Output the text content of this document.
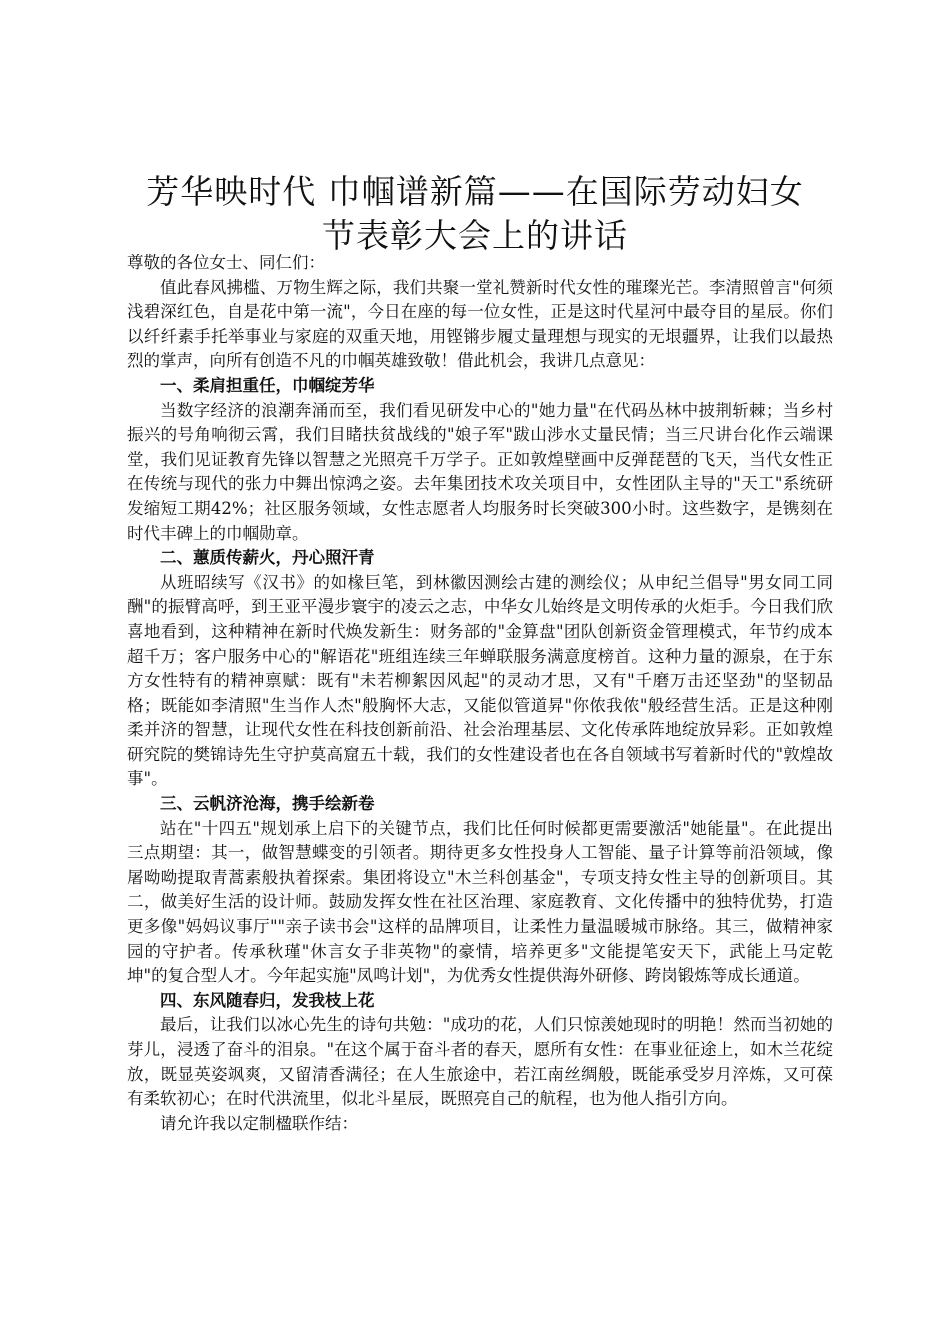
芳华映时代 巾帼谱新篇——在国际劳动妇女
节表彰大会上的讲话

尊敬的各位女士、同仁们：

值此春风拂槛、万物生辉之际，我们共聚一堂礼赞新时代女性的璀璨光芒。李清照曾言"何须浅碧深红色，自是花中第一流"，今日在座的每一位女性，正是这时代星河中最夺目的星辰。你们以纤纤素手托举事业与家庭的双重天地，用铿锵步履丈量理想与现实的无垠疆界，让我们以最热烈的掌声，向所有创造不凡的巾帼英雄致敬！借此机会，我讲几点意见：

一、柔肩担重任，巾帼绽芳华

当数字经济的浪潮奔涌而至，我们看见研发中心的"她力量"在代码丛林中披荆斩棘；当乡村振兴的号角响彻云霄，我们目睹扶贫战线的"娘子军"跋山涉水丈量民情；当三尺讲台化作云端课堂，我们见证教育先锋以智慧之光照亮千万学子。正如敦煌壁画中反弹琵琶的飞天，当代女性正在传统与现代的张力中舞出惊鸿之姿。去年集团技术攻关项目中，女性团队主导的"天工"系统研发缩短工期42%；社区服务领域，女性志愿者人均服务时长突破300小时。这些数字，是镌刻在时代丰碑上的巾帼勋章。

二、蕙质传薪火，丹心照汗青

从班昭续写《汉书》的如椽巨笔，到林徽因测绘古建的测绘仪；从申纪兰倡导"男女同工同酬"的振臂高呼，到王亚平漫步寰宇的凌云之志，中华女儿始终是文明传承的火炬手。今日我们欣喜地看到，这种精神在新时代焕发新生：财务部的"金算盘"团队创新资金管理模式，年节约成本超千万；客户服务中心的"解语花"班组连续三年蝉联服务满意度榜首。这种力量的源泉，在于东方女性特有的精神禀赋：既有"未若柳絮因风起"的灵动才思，又有"千磨万击还坚劲"的坚韧品格；既能如李清照"生当作人杰"般胸怀大志，又能似管道昇"你侬我侬"般经营生活。正是这种刚柔并济的智慧，让现代女性在科技创新前沿、社会治理基层、文化传承阵地绽放异彩。正如敦煌研究院的樊锦诗先生守护莫高窟五十载，我们的女性建设者也在各自领域书写着新时代的"敦煌故事"。

三、云帆济沧海，携手绘新卷

站在"十四五"规划承上启下的关键节点，我们比任何时候都更需要激活"她能量"。在此提出三点期望：其一，做智慧蝶变的引领者。期待更多女性投身人工智能、量子计算等前沿领域，像屠呦呦提取青蒿素般执着探索。集团将设立"木兰科创基金"，专项支持女性主导的创新项目。其二，做美好生活的设计师。鼓励发挥女性在社区治理、家庭教育、文化传播中的独特优势，打造更多像"妈妈议事厅""亲子读书会"这样的品牌项目，让柔性力量温暖城市脉络。其三，做精神家园的守护者。传承秋瑾"休言女子非英物"的豪情，培养更多"文能提笔安天下，武能上马定乾坤"的复合型人才。今年起实施"凤鸣计划"，为优秀女性提供海外研修、跨岗锻炼等成长通道。

四、东风随春归，发我枝上花

最后，让我们以冰心先生的诗句共勉："成功的花，人们只惊羡她现时的明艳！然而当初她的芽儿，浸透了奋斗的泪泉。"在这个属于奋斗者的春天，愿所有女性：在事业征途上，如木兰花绽放，既显英姿飒爽，又留清香满径；在人生旅途中，若江南丝绸般，既能承受岁月淬炼，又可葆有柔软初心；在时代洪流里，似北斗星辰，既照亮自己的航程，也为他人指引方向。

请允许我以定制楹联作结：
